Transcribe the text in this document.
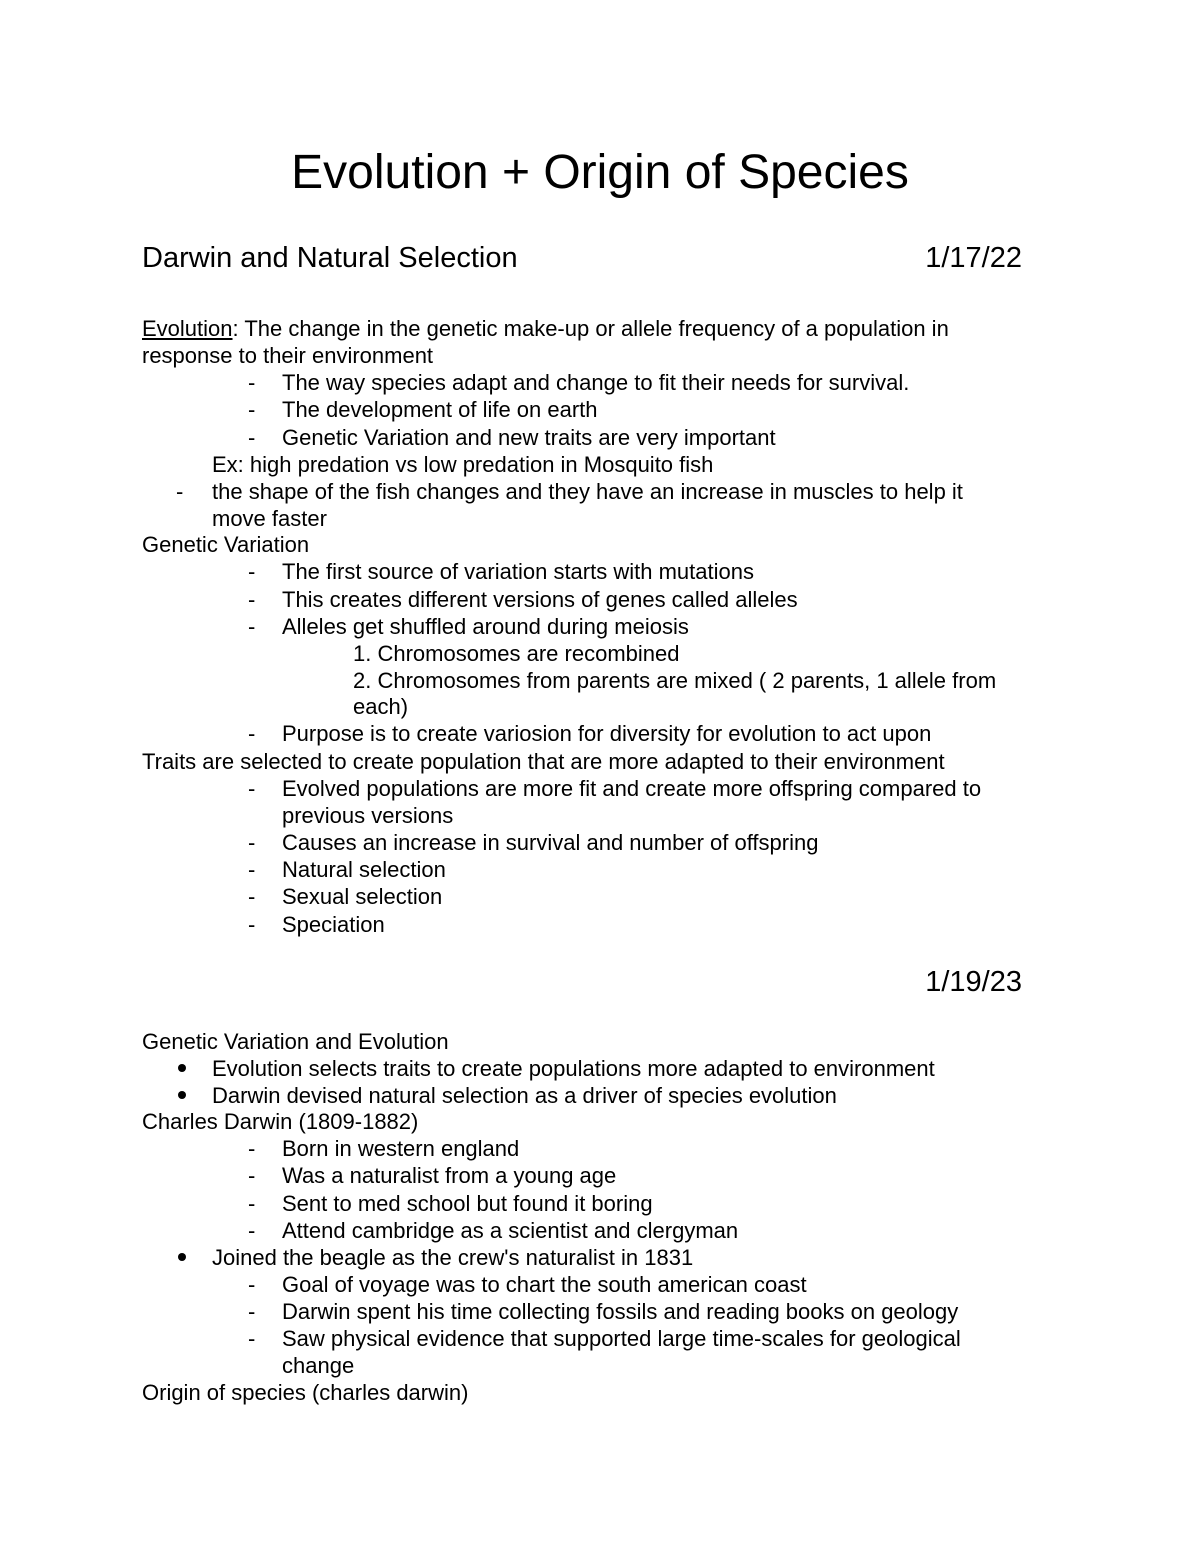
Evolution + Origin of Species
Darwin and Natural Selection	1/17/22
Evolution: The change in the genetic make-up or allele frequency of a population in
response to their environment
- The way species adapt and change to fit their needs for survival.
- The development of life on earth
- Genetic Variation and new traits are very important
Ex: high predation vs low predation in Mosquito fish
- the shape of the fish changes and they have an increase in muscles to help it
move faster
Genetic Variation
- The first source of variation starts with mutations
- This creates different versions of genes called alleles
- Alleles get shuffled around during meiosis
1. Chromosomes are recombined
2. Chromosomes from parents are mixed ( 2 parents, 1 allele from
each)
- Purpose is to create variosion for diversity for evolution to act upon
Traits are selected to create population that are more adapted to their environment
- Evolved populations are more fit and create more offspring compared to
previous versions
- Causes an increase in survival and number of offspring
- Natural selection
- Sexual selection
- Speciation
1/19/23
Genetic Variation and Evolution
Evolution selects traits to create populations more adapted to environment
Darwin devised natural selection as a driver of species evolution
Charles Darwin (1809-1882)
- Born in western england
- Was a naturalist from a young age
- Sent to med school but found it boring
- Attend cambridge as a scientist and clergyman
Joined the beagle as the crew's naturalist in 1831
- Goal of voyage was to chart the south american coast
- Darwin spent his time collecting fossils and reading books on geology
- Saw physical evidence that supported large time-scales for geological
change
Origin of species (charles darwin)
